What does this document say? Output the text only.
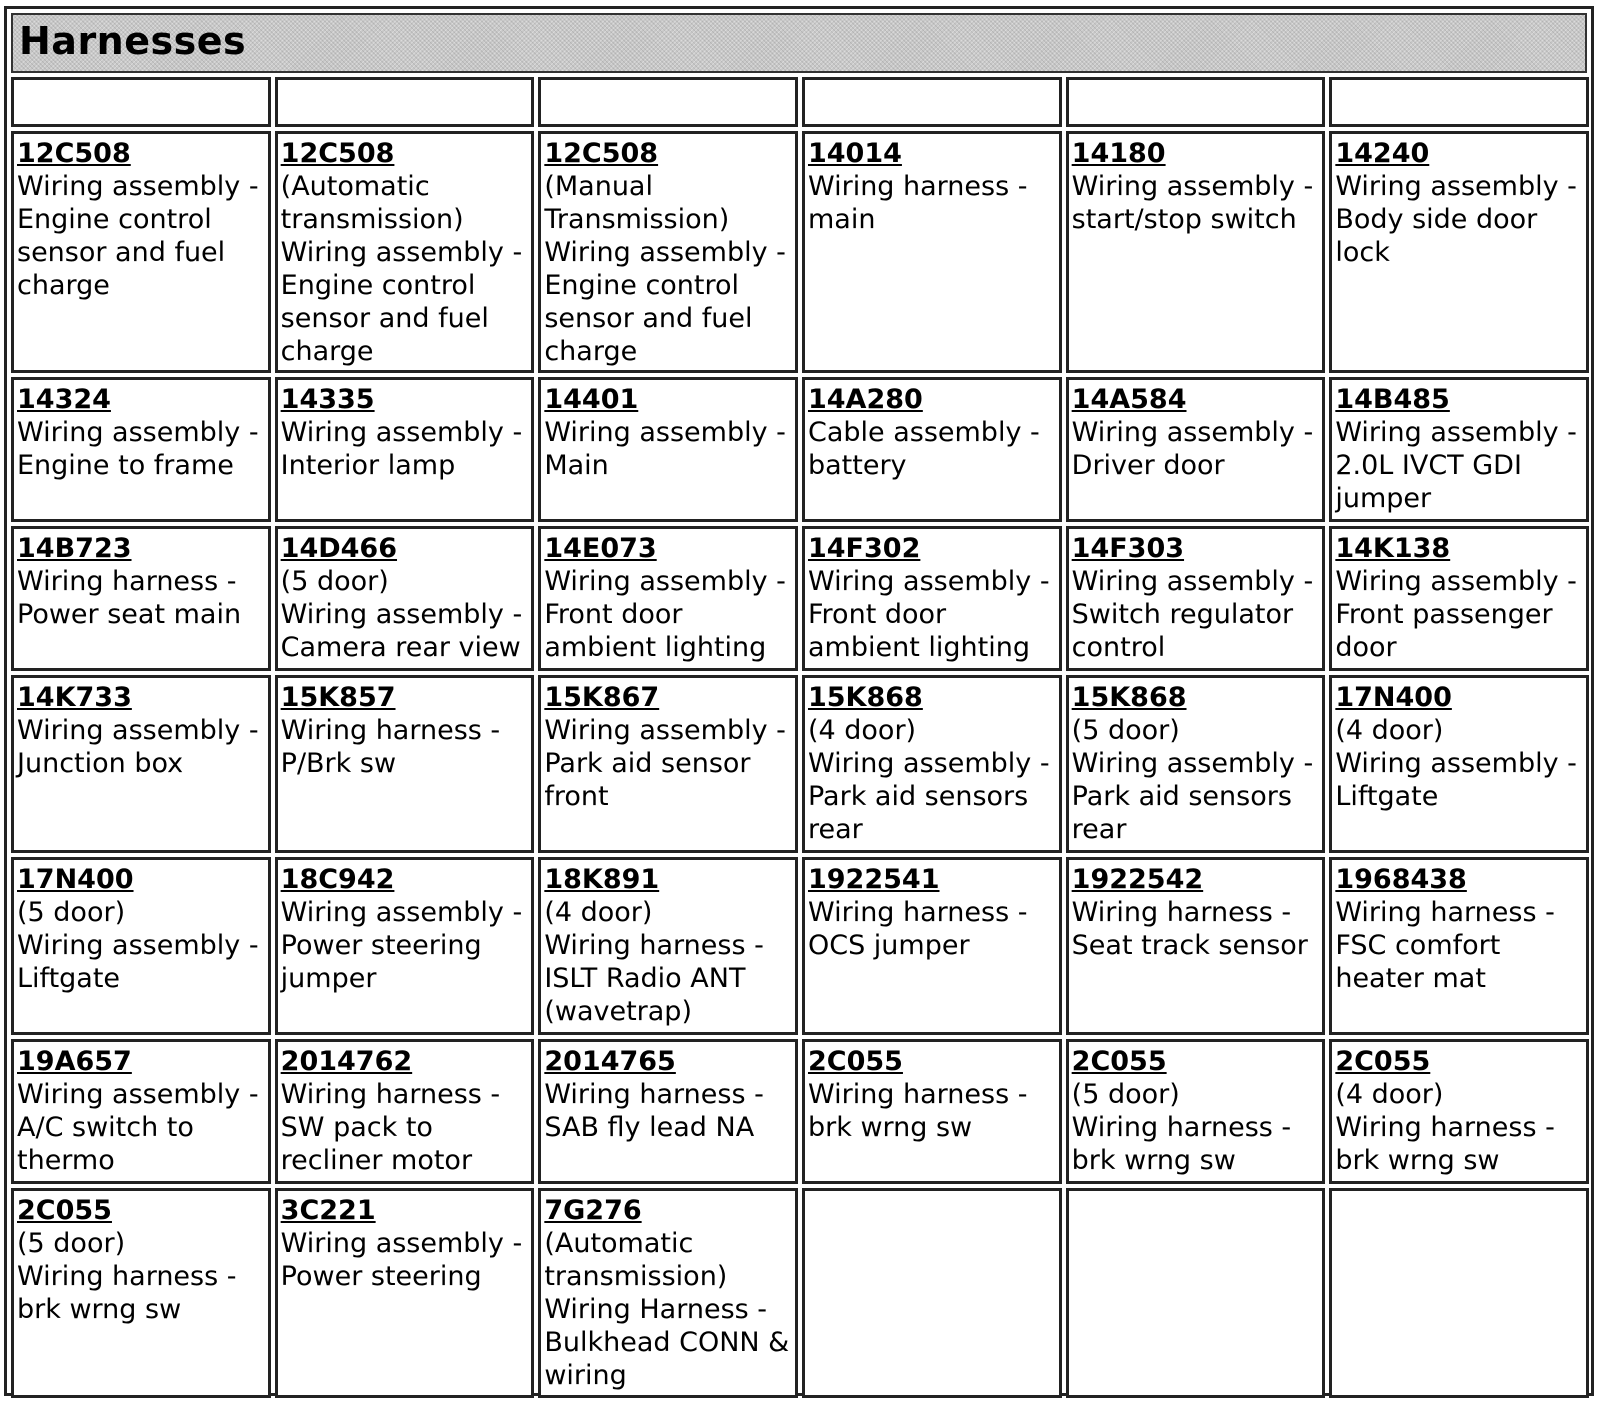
Harnesses
12C508
Wiring assembly - Engine control sensor and fuel charge
12C508
(Automatic transmission)
Wiring assembly - Engine control sensor and fuel charge
12C508
(Manual Transmission)
Wiring assembly - Engine control sensor and fuel charge
14014
Wiring harness - main
14180
Wiring assembly - start/stop switch
14240
Wiring assembly - Body side door lock
14324
Wiring assembly - Engine to frame
14335
Wiring assembly - Interior lamp
14401
Wiring assembly - Main
14A280
Cable assembly - battery
14A584
Wiring assembly - Driver door
14B485
Wiring assembly - 2.0L IVCT GDI jumper
14B723
Wiring harness - Power seat main
14D466
(5 door)
Wiring assembly - Camera rear view
14E073
Wiring assembly - Front door ambient lighting
14F302
Wiring assembly - Front door ambient lighting
14F303
Wiring assembly - Switch regulator control
14K138
Wiring assembly - Front passenger door
14K733
Wiring assembly - Junction box
15K857
Wiring harness - P/Brk sw
15K867
Wiring assembly - Park aid sensor front
15K868
(4 door)
Wiring assembly - Park aid sensors rear
15K868
(5 door)
Wiring assembly - Park aid sensors rear
17N400
(4 door)
Wiring assembly - Liftgate
17N400
(5 door)
Wiring assembly - Liftgate
18C942
Wiring assembly - Power steering jumper
18K891
(4 door)
Wiring harness - ISLT Radio ANT (wavetrap)
1922541
Wiring harness - OCS jumper
1922542
Wiring harness - Seat track sensor
1968438
Wiring harness - FSC comfort heater mat
19A657
Wiring assembly - A/C switch to thermo
2014762
Wiring harness - SW pack to recliner motor
2014765
Wiring harness - SAB fly lead NA
2C055
Wiring harness - brk wrng sw
2C055
(5 door)
Wiring harness - brk wrng sw
2C055
(4 door)
Wiring harness - brk wrng sw
2C055
(5 door)
Wiring harness - brk wrng sw
3C221
Wiring assembly - Power steering
7G276
(Automatic transmission)
Wiring Harness - Bulkhead CONN & wiring
